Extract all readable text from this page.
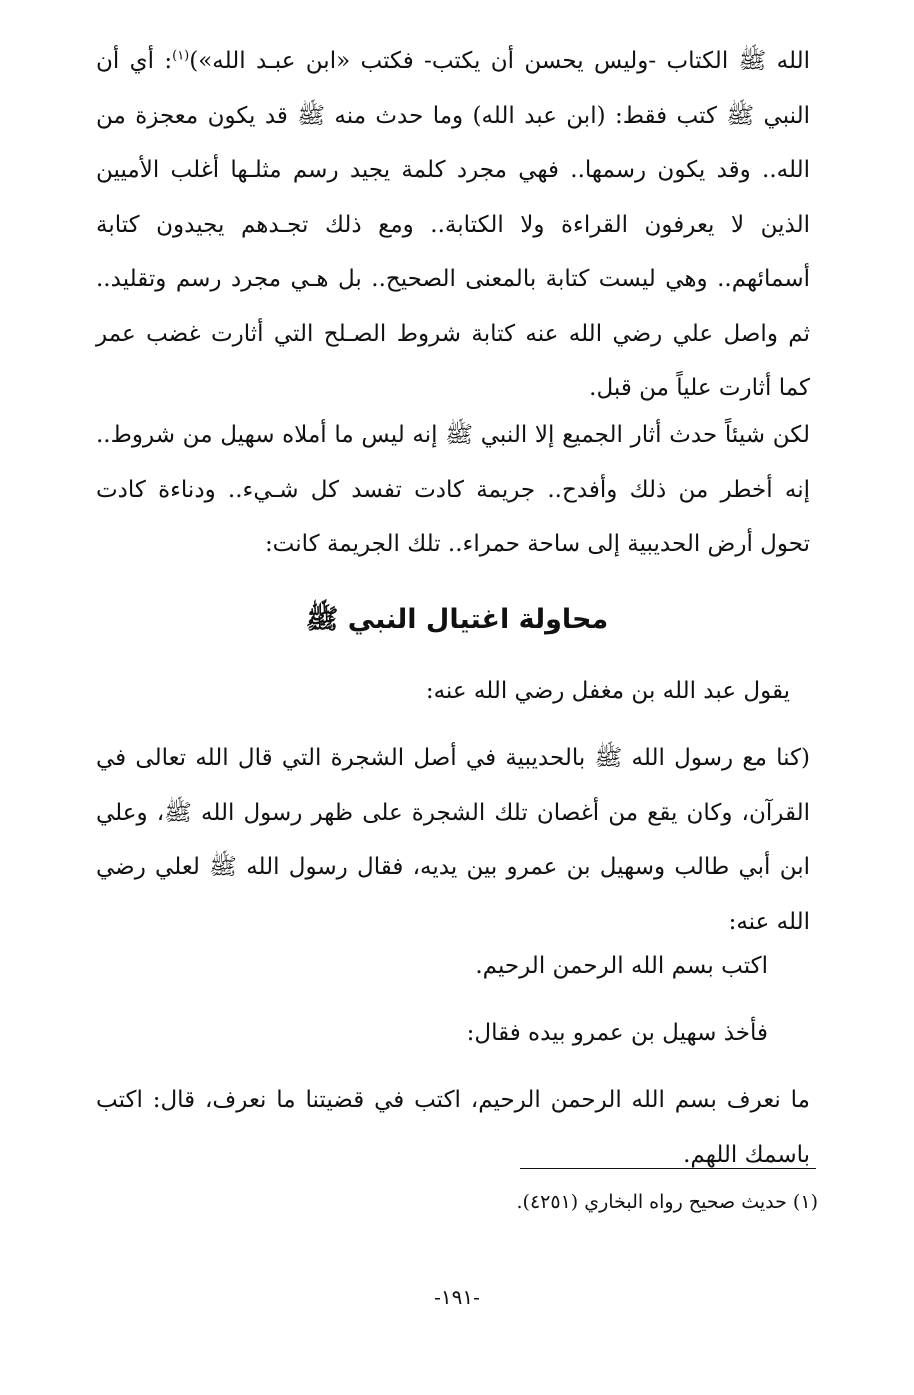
الله ﷺ الكتاب -وليس يحسن أن يكتب- فكتب «ابن عبـد الله»)$^{(١)}$: أي أن النبي ﷺ كتب فقط: (ابن عبد الله) وما حدث منه ﷺ قد يكون معجزة من الله.. وقد يكون رسمها.. فهي مجرد كلمة يجيد رسم مثلـها أغلب الأميين الذين لا يعرفون القراءة ولا الكتابة.. ومع ذلك تجـدهم يجيدون كتابة أسمائهم.. وهي ليست كتابة بالمعنى الصحيح.. بل هـي مجرد رسم وتقليد.. ثم واصل علي رضي الله عنه كتابة شروط الصـلح التي أثارت غضب عمر كما أثارت علياً من قبل.

لكن شيئاً حدث أثار الجميع إلا النبي ﷺ إنه ليس ما أملاه سهيل من شروط.. إنه أخطر من ذلك وأفدح.. جريمة كادت تفسد كل شـيء.. ودناءة كادت تحول أرض الحديبية إلى ساحة حمراء.. تلك الجريمة كانت:

محاولة اغتيال النبي ﷺ

يقول عبد الله بن مغفل رضي الله عنه:

(كنا مع رسول الله ﷺ بالحديبية في أصل الشجرة التي قال الله تعالى في القرآن، وكان يقع من أغصان تلك الشجرة على ظهر رسول الله ﷺ، وعلي ابن أبي طالب وسهيل بن عمرو بين يديه، فقال رسول الله ﷺ لعلي رضي الله عنه:

اكتب بسم الله الرحمن الرحيم.

فأخذ سهيل بن عمرو بيده فقال:

ما نعرف بسم الله الرحمن الرحيم، اكتب في قضيتنا ما نعرف، قال: اكتب باسمك اللهم.

(١) حديث صحيح رواه البخاري (٤٢٥١).

-١٩١-
